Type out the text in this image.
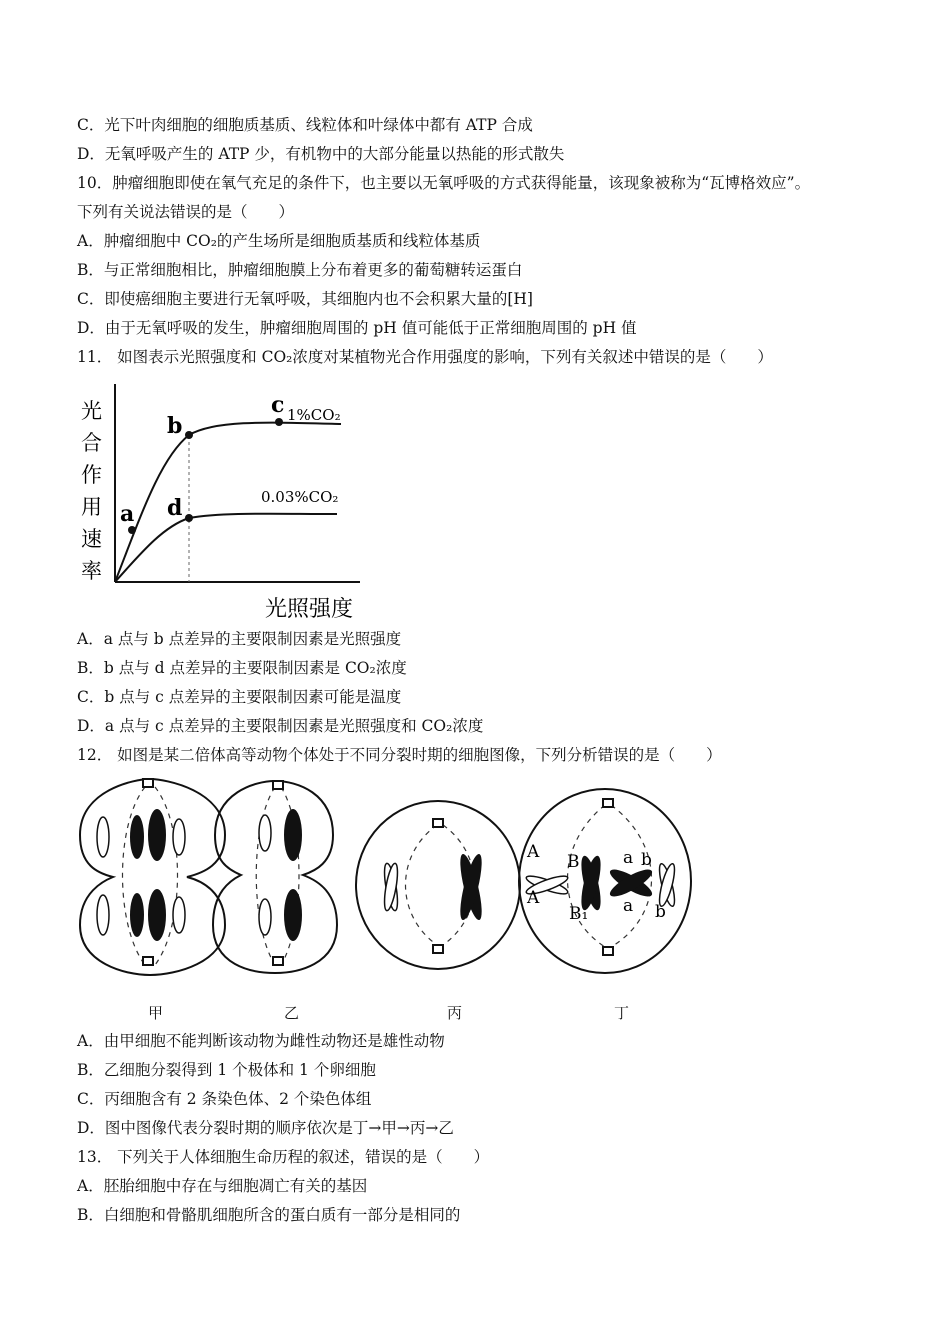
C．光下叶肉细胞的细胞质基质、线粒体和叶绿体中都有 ATP 合成
D．无氧呼吸产生的 ATP 少，有机物中的大部分能量以热能的形式散失
10．肿瘤细胞即使在氧气充足的条件下，也主要以无氧呼吸的方式获得能量，该现象被称为“瓦博格效应”。
下列有关说法错误的是（　　）
A．肿瘤细胞中 CO₂的产生场所是细胞质基质和线粒体基质
B．与正常细胞相比，肿瘤细胞膜上分布着更多的葡萄糖转运蛋白
C．即使癌细胞主要进行无氧呼吸，其细胞内也不会积累大量的[H]
D．由于无氧呼吸的发生，肿瘤细胞周围的 pH 值可能低于正常细胞周围的 pH 值
11． 如图表示光照强度和 CO₂浓度对某植物光合作用强度的影响，下列有关叙述中错误的是（　　）
光
合
作
用
速
率
a
b
c
d
1%CO₂
0.03%CO₂
光照强度
A．a 点与 b 点差异的主要限制因素是光照强度
B．b 点与 d 点差异的主要限制因素是 CO₂浓度
C．b 点与 c 点差异的主要限制因素可能是温度
D．a 点与 c 点差异的主要限制因素是光照强度和 CO₂浓度
12． 如图是某二倍体高等动物个体处于不同分裂时期的细胞图像，下列分析错误的是（　　）
A
A
B
B₁
a
a
b
b
甲	乙	丙	丁
A．由甲细胞不能判断该动物为雌性动物还是雄性动物
B．乙细胞分裂得到 1 个极体和 1 个卵细胞
C．丙细胞含有 2 条染色体、2 个染色体组
D．图中图像代表分裂时期的顺序依次是丁→甲→丙→乙
13． 下列关于人体细胞生命历程的叙述，错误的是（　　）
A．胚胎细胞中存在与细胞凋亡有关的基因
B．白细胞和骨骼肌细胞所含的蛋白质有一部分是相同的
